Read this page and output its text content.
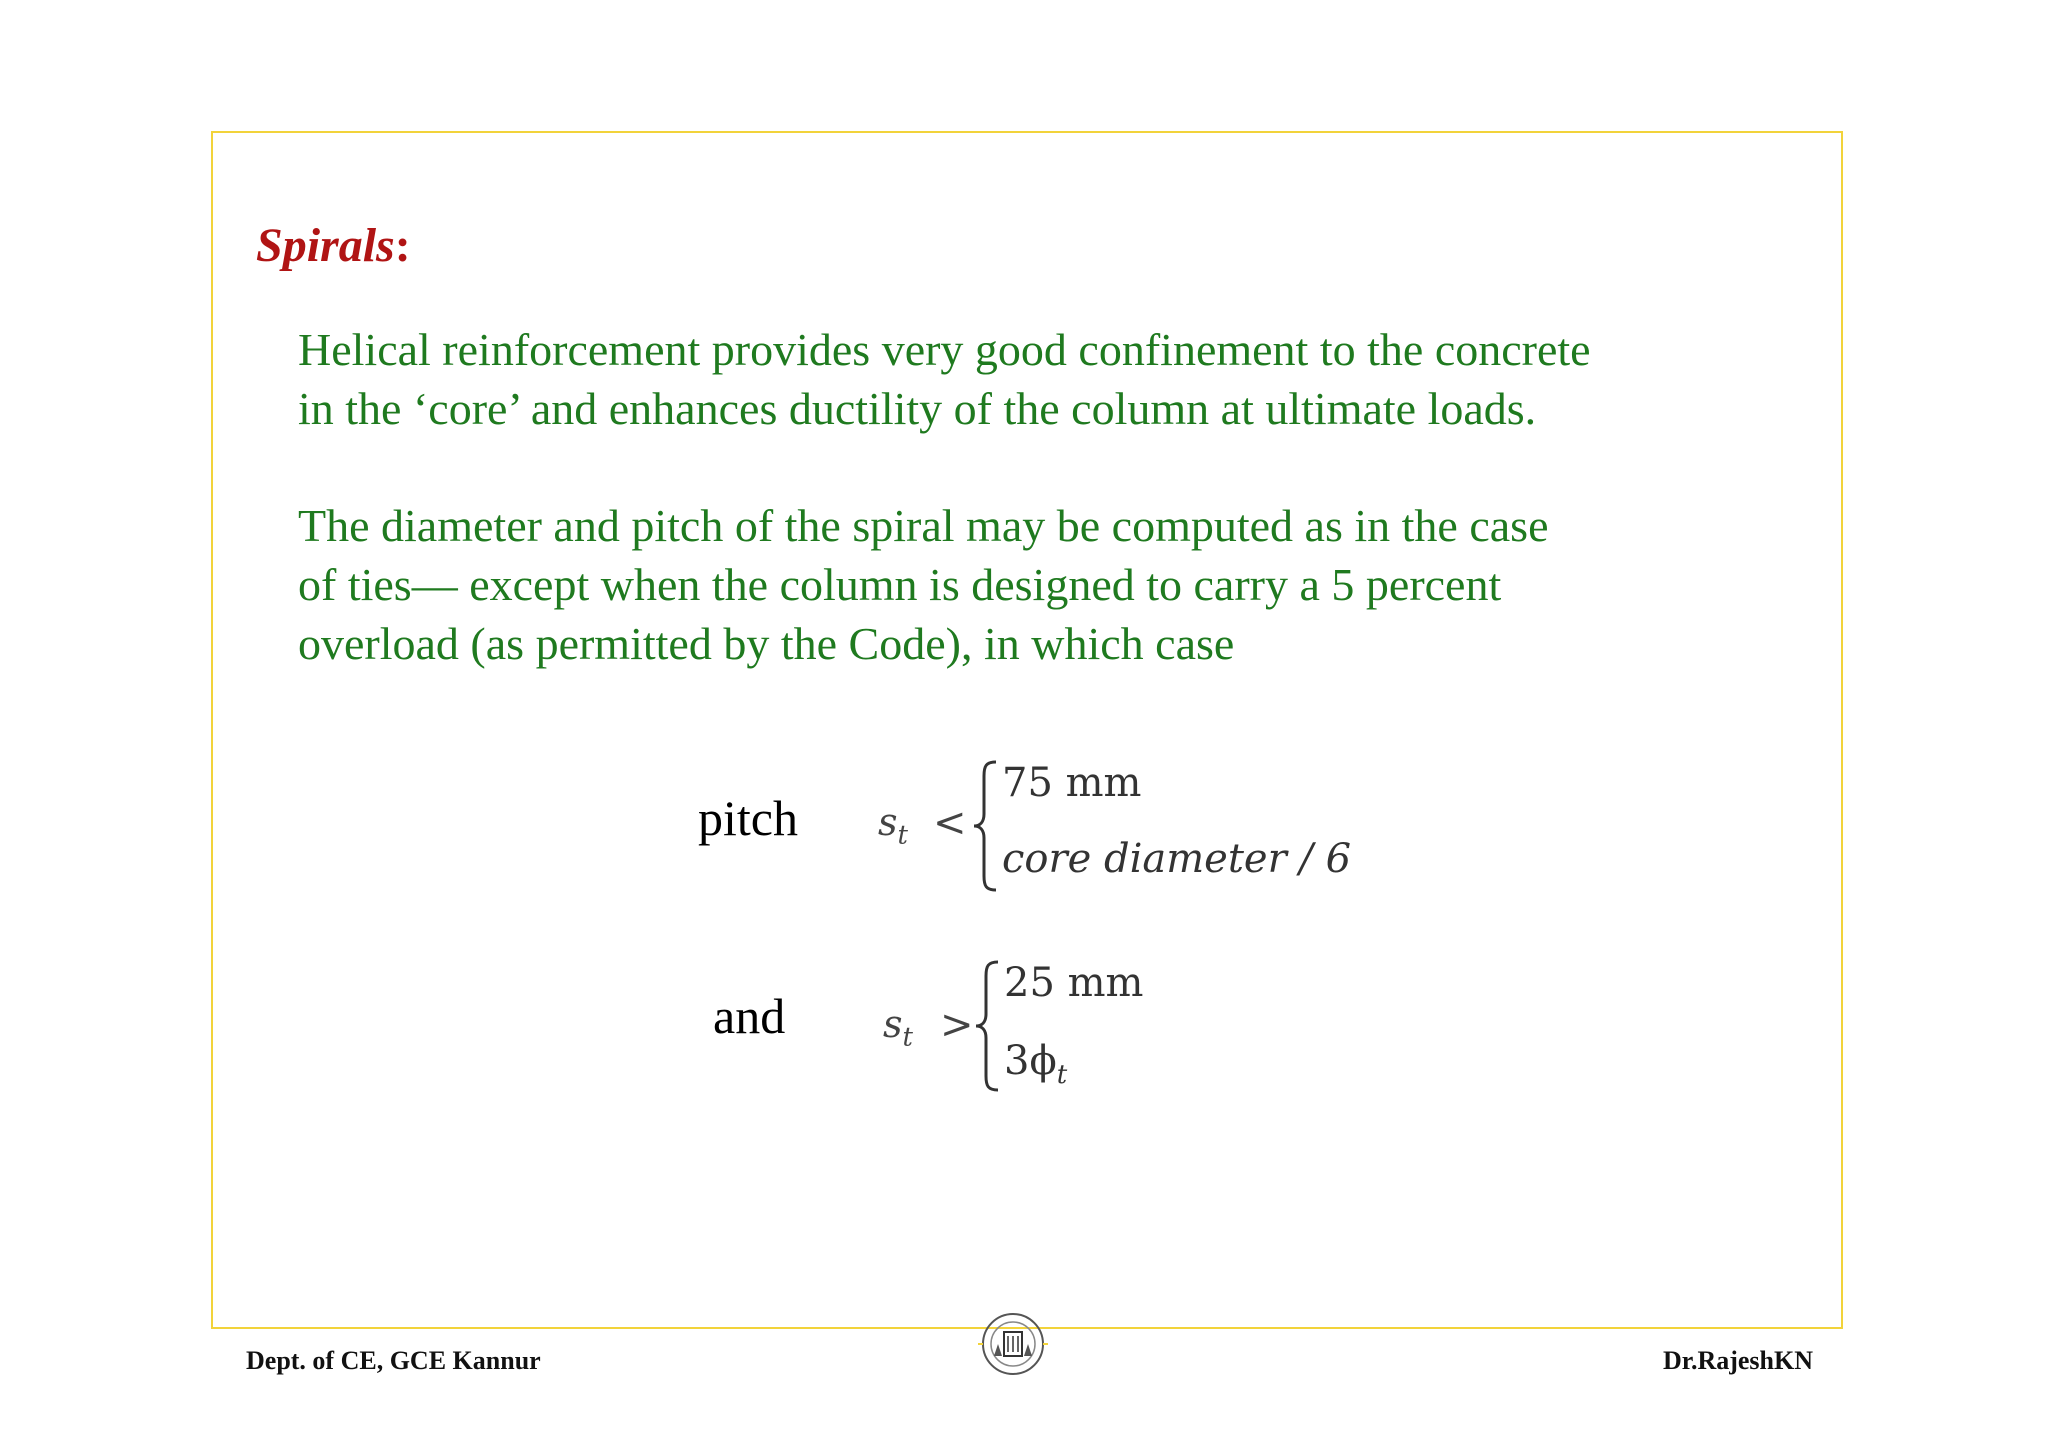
Spirals:
Helical reinforcement provides very good confinement to the concrete
in the ‘core’ and enhances ductility of the column at ultimate loads.
The diameter and pitch of the spiral may be computed as in the case
of ties— except when the column is designed to carry a 5 percent
overload (as permitted by the Code), in which case
pitch $s_t$ <
75 mm
core diameter / 6
and	$s_t$ >
25 mm
$3\phi_t$
Dept. of CE, GCE Kannur	Dr.RajeshKN
